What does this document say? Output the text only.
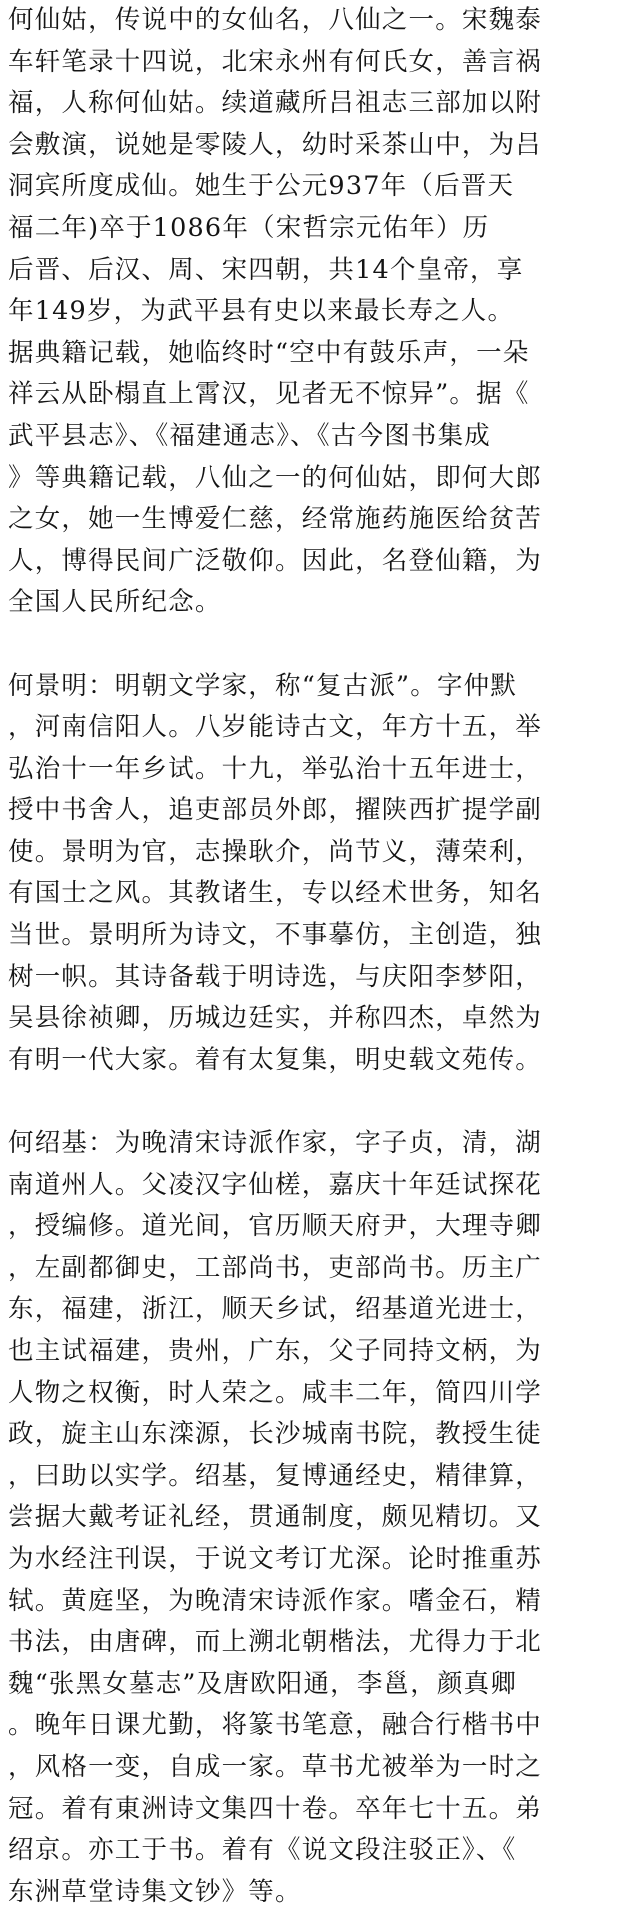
何仙姑，传说中的女仙名，八仙之一。宋魏泰
车轩笔录十四说，北宋永州有何氏女，善言祸
福，人称何仙姑。续道藏所吕祖志三部加以附
会敷演，说她是零陵人，幼时采茶山中，为吕
洞宾所度成仙。她生于公元937年（后晋天
福二年)卒于1086年（宋哲宗元佑年）历
后晋、后汉、周、宋四朝，共14个皇帝，享
年149岁，为武平县有史以来最长寿之人。
据典籍记载，她临终时“空中有鼓乐声，一朵
祥云从卧榻直上霄汉，见者无不惊异”。据《
武平县志》、《福建通志》、《古今图书集成
》等典籍记载，八仙之一的何仙姑，即何大郎
之女，她一生博爱仁慈，经常施药施医给贫苦
人，博得民间广泛敬仰。因此，名登仙籍，为
全国人民所纪念。
何景明：明朝文学家，称“复古派”。字仲默
，河南信阳人。八岁能诗古文，年方十五，举
弘治十一年乡试。十九，举弘治十五年进士，
授中书舍人，追吏部员外郎，擢陕西扩提学副
使。景明为官，志操耿介，尚节义，薄荣利，
有国士之风。其教诸生，专以经术世务，知名
当世。景明所为诗文，不事摹仿，主创造，独
树一帜。其诗备载于明诗选，与庆阳李梦阳，
吴县徐祯卿，历城边廷实，并称四杰，卓然为
有明一代大家。着有太复集，明史载文苑传。
何绍基：为晚清宋诗派作家，字子贞，清，湖
南道州人。父凌汉字仙槎，嘉庆十年廷试探花
，授编修。道光间，官历顺天府尹，大理寺卿
，左副都御史，工部尚书，吏部尚书。历主广
东，福建，浙江，顺天乡试，绍基道光进士，
也主试福建，贵州，广东，父子同持文柄，为
人物之权衡，时人荣之。咸丰二年，简四川学
政，旋主山东滦源，长沙城南书院，教授生徒
，曰助以实学。绍基，复博通经史，精律算，
尝据大戴考证礼经，贯通制度，颇见精切。又
为水经注刊误，于说文考订尤深。论时推重苏
轼。黄庭坚，为晚清宋诗派作家。嗜金石，精
书法，由唐碑，而上溯北朝楷法，尤得力于北
魏“张黑女墓志”及唐欧阳通，李邕，颜真卿
。晚年日课尤勤，将篆书笔意，融合行楷书中
，风格一变，自成一家。草书尤被举为一时之
冠。着有東洲诗文集四十卷。卒年七十五。弟
绍京。亦工于书。着有《说文段注驳正》、《
东洲草堂诗集文钞》等。
